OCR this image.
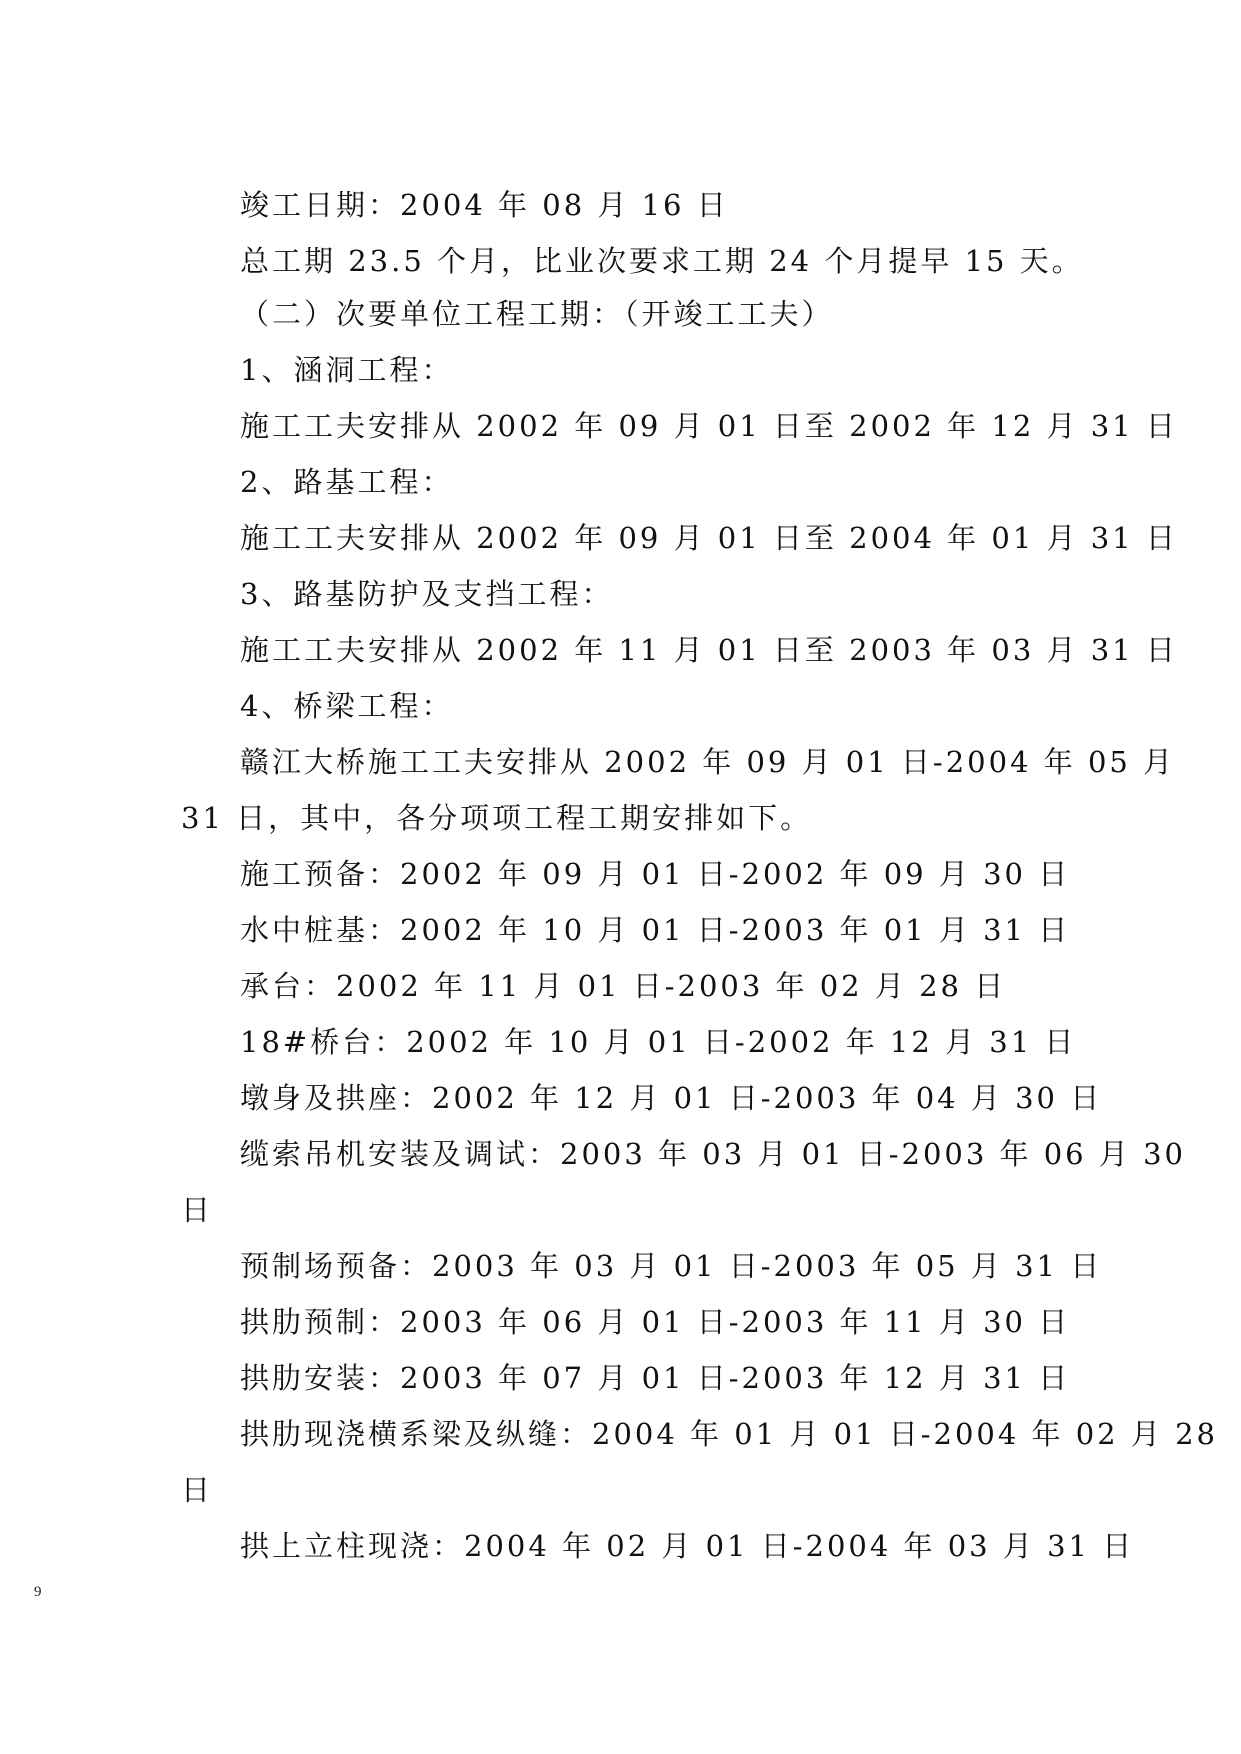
竣工日期：2004 年 08 月 16 日
总工期 23.5 个月，比业次要求工期 24 个月提早 15 天。
（二）次要单位工程工期：（开竣工工夫）
1、涵洞工程：
施工工夫安排从 2002 年 09 月 01 日至 2002 年 12 月 31 日
2、路基工程：
施工工夫安排从 2002 年 09 月 01 日至 2004 年 01 月 31 日
3、路基防护及支挡工程：
施工工夫安排从 2002 年 11 月 01 日至 2003 年 03 月 31 日
4、桥梁工程：
赣江大桥施工工夫安排从 2002 年 09 月 01 日-2004 年 05 月
31 日，其中，各分项项工程工期安排如下。
施工预备：2002 年 09 月 01 日-2002 年 09 月 30 日
水中桩基：2002 年 10 月 01 日-2003 年 01 月 31 日
承台：2002 年 11 月 01 日-2003 年 02 月 28 日
18#桥台：2002 年 10 月 01 日-2002 年 12 月 31 日
墩身及拱座：2002 年 12 月 01 日-2003 年 04 月 30 日
缆索吊机安装及调试：2003 年 03 月 01 日-2003 年 06 月 30
日
预制场预备：2003 年 03 月 01 日-2003 年 05 月 31 日
拱肋预制：2003 年 06 月 01 日-2003 年 11 月 30 日
拱肋安装：2003 年 07 月 01 日-2003 年 12 月 31 日
拱肋现浇横系梁及纵缝：2004 年 01 月 01 日-2004 年 02 月 28
日
拱上立柱现浇：2004 年 02 月 01 日-2004 年 03 月 31 日
9
